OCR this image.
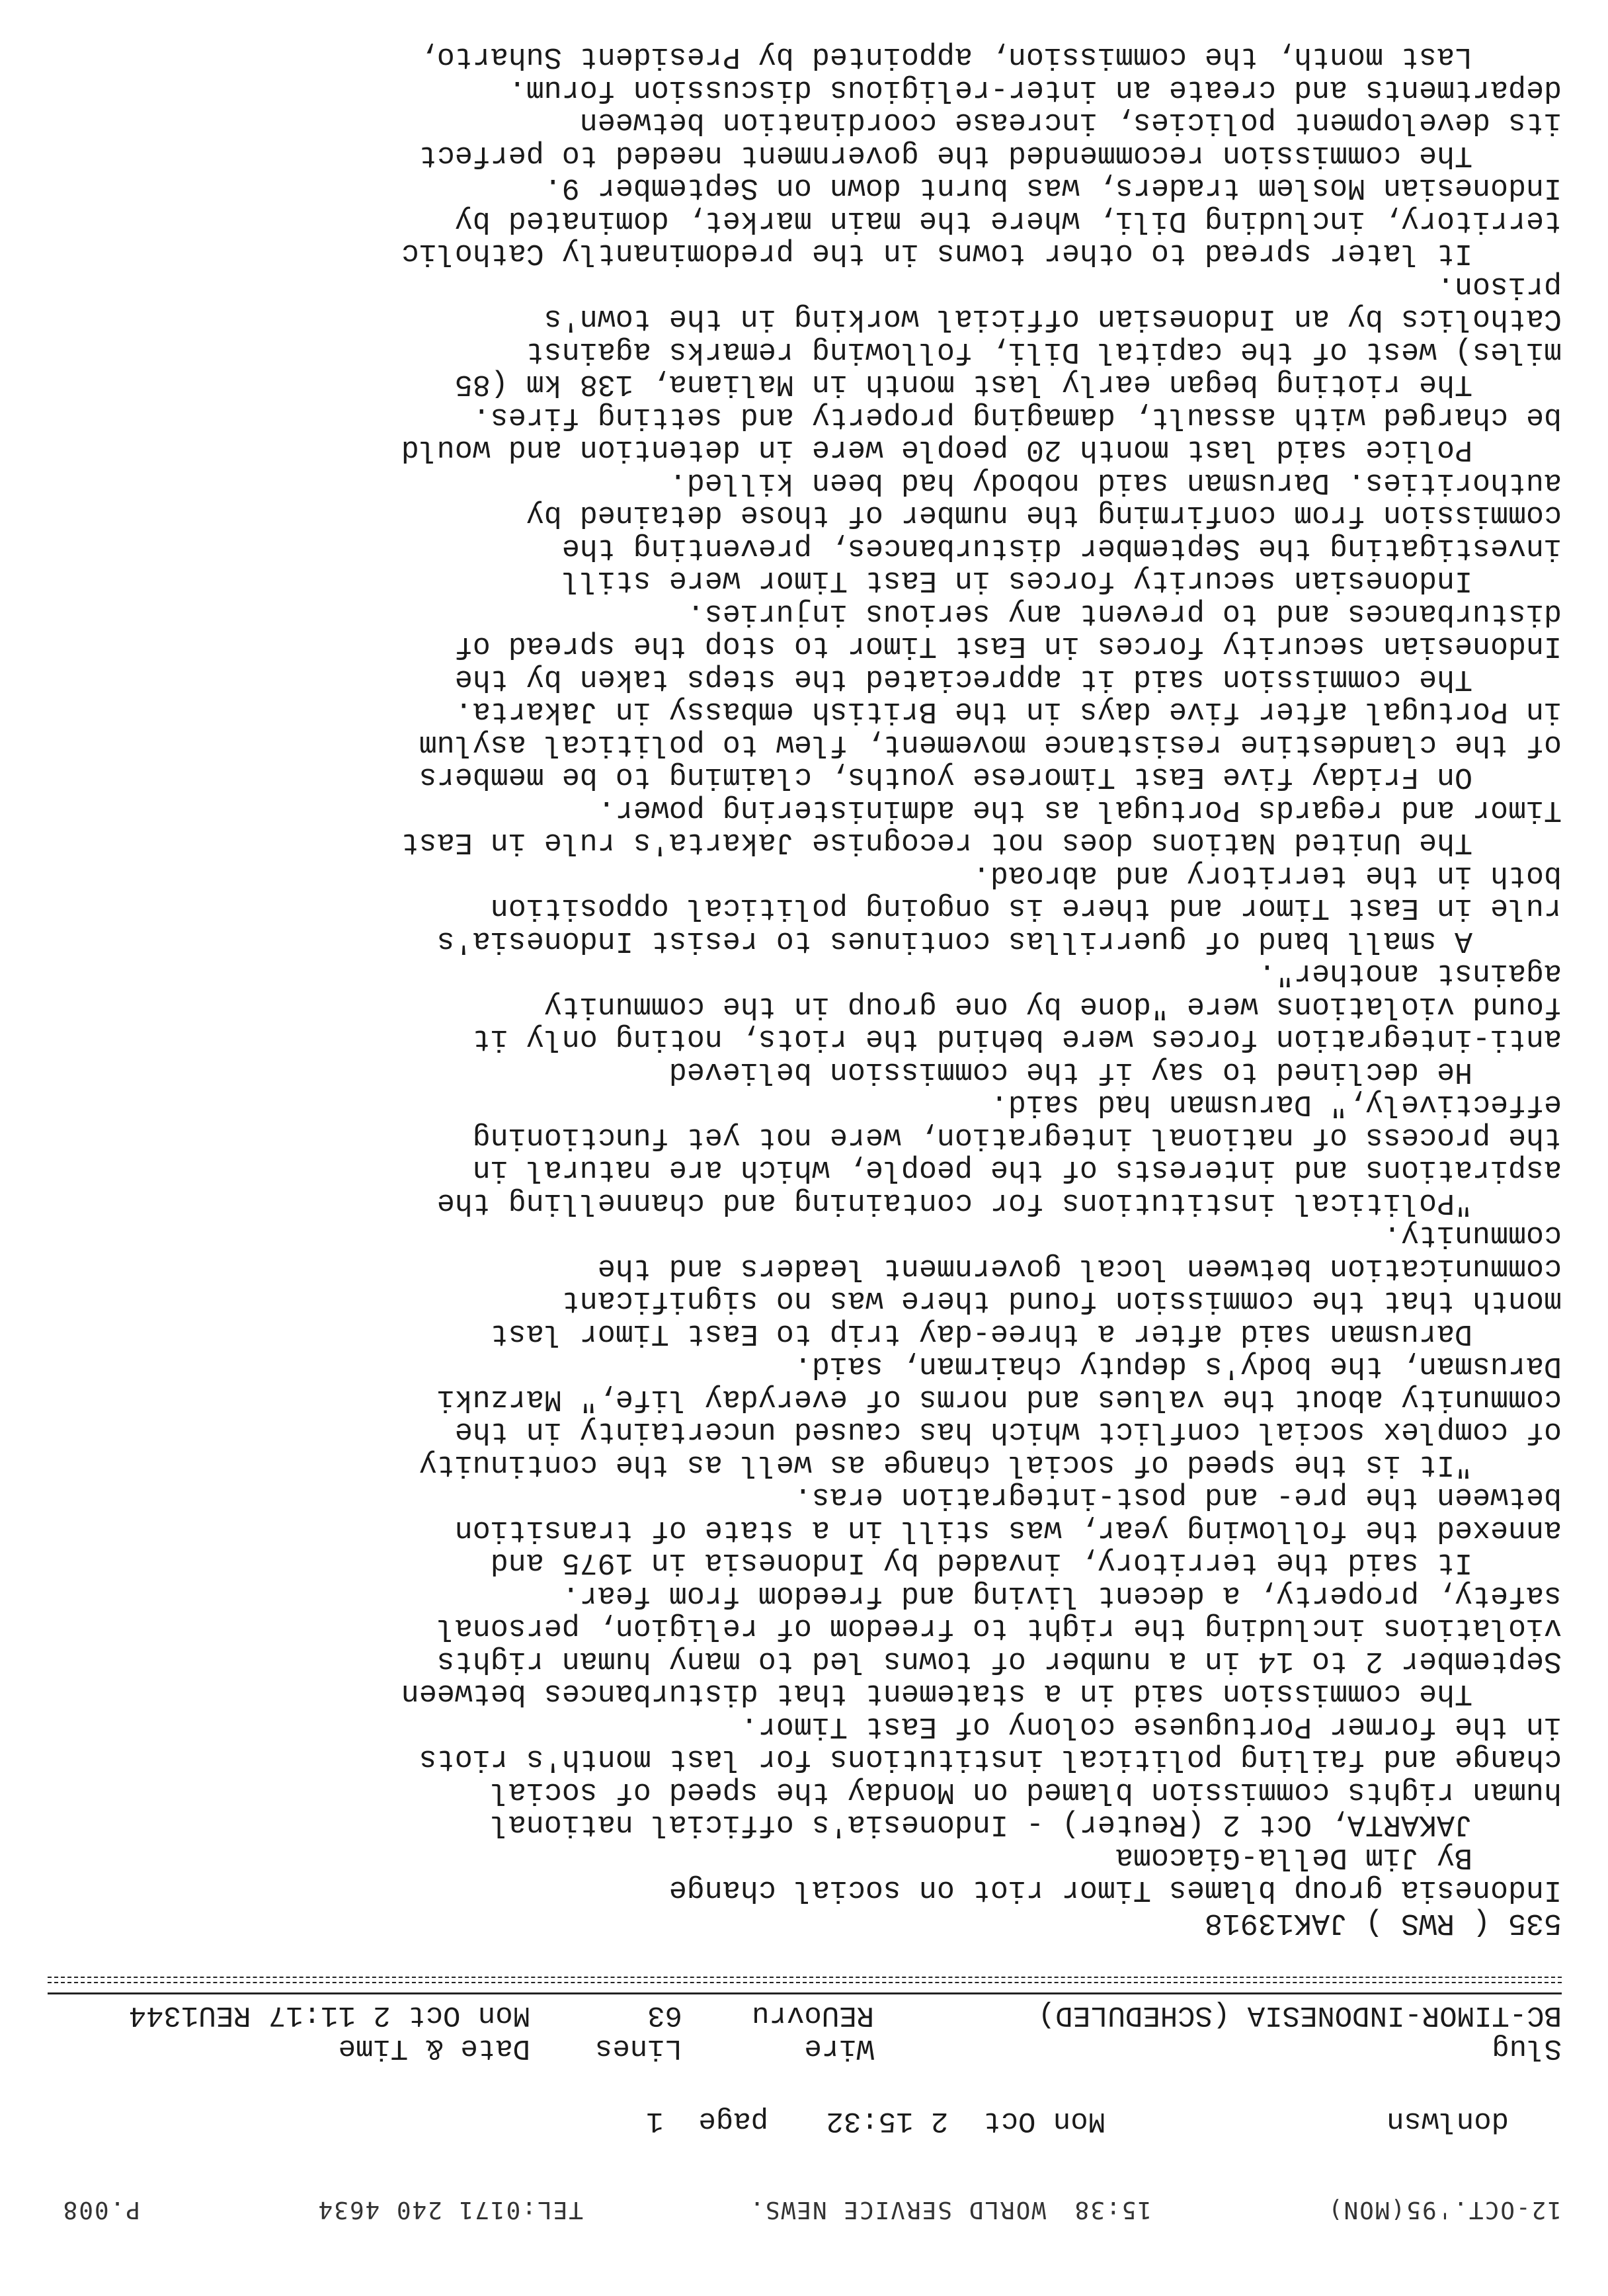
12-OCT.'95(MON)
15:38
WORLD SERVICE NEWS.
TEL:0171 240 4634
P.008
donlwsn
Mon Oct  2 15:32
page  1
Slug
Wire
Lines
Date & Time
BC-TIMOR-INDONESIA (SCHEDULED)
REUovru
63
Mon Oct 2 11:17 REU1344
535 ( RWS ) JAK13918
Indonesia group blames Timor riot on social change
By Jim Della-Giacoma
JAKARTA, Oct 2 (Reuter) - Indonesia's official national
human rights commission blamed on Monday the speed of social
change and failing political institutions for last month's riots
in the former Portuguese colony of East Timor.
The commission said in a statement that disturbances between
September 2 to 14 in a number of towns led to many human rights
violations including the right to freedom of religion, personal
safety, property, a decent living and freedom from fear.
It said the territory, invaded by Indonesia in 1975 and
annexed the following year, was still in a state of transition
between the pre- and post-integration eras.
"It is the speed of social change as well as the continuity
of complex social conflict which has caused uncertainty in the
community about the values and norms of everyday life," Marzuki
Darusman, the body's deputy chairman, said.
Darusman said after a three-day trip to East Timor last
month that the commission found there was no significant
communication between local government leaders and the
community.
"Political institutions for containing and channelling the
aspirations and interests of the people, which are natural in
the process of national integration, were not yet functioning
effectively," Darusman had said.
He declined to say if the commission believed
anti-integration forces were behind the riots, noting only it
found violations were "done by one group in the community
against another".
A small band of guerrillas continues to resist Indonesia's
rule in East Timor and there is ongoing political opposition
both in the territory and abroad.
The United Nations does not recognise Jakarta's rule in East
Timor and regards Portugal as the administering power.
On Friday five East Timorese youths, claiming to be members
of the clandestine resistance movement, flew to political asylum
in Portugal after five days in the British embassy in Jakarta.
The commission said it appreciated the steps taken by the
Indonesian security forces in East Timor to stop the spread of
disturbances and to prevent any serious injuries.
Indonesian security forces in East Timor were still
investigating the September disturbances, preventing the
commission from confirming the number of those detained by
authorities. Darusman said nobody had been killed.
Police said last month 20 people were in detention and would
be charged with assault, damaging property and setting fires.
The rioting began early last month in Maliana, 138 km (85
miles) west of the capital Dili, following remarks against
Catholics by an Indonesian official working in the town's
prison.
It later spread to other towns in the predominantly Catholic
territory, including Dili, where the main market, dominated by
Indonesian Moslem traders, was burnt down on September 9.
The commission recommended the government needed to perfect
its development policies, increase coordination between
departments and create an inter-religious discussion forum.
Last month, the commission, appointed by President Suharto,
